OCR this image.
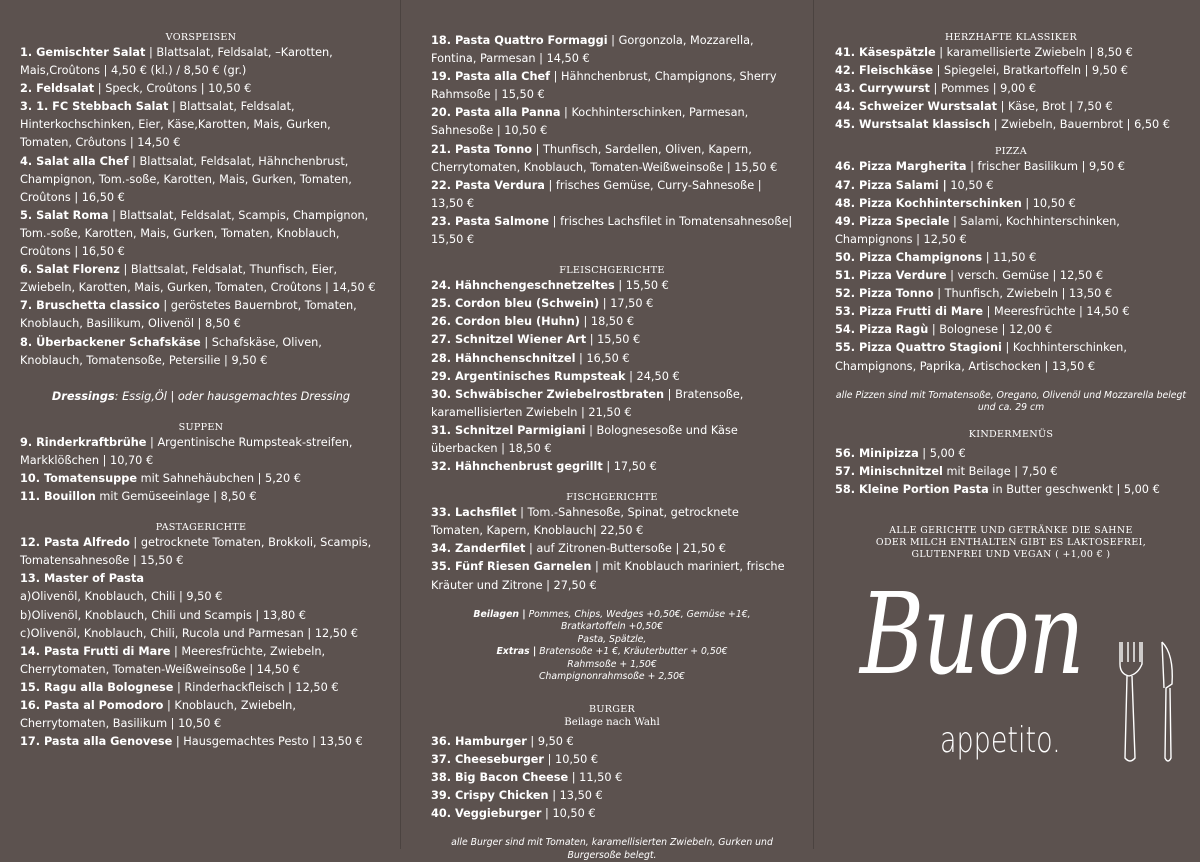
VORSPEISEN
1. Gemischter Salat | Blattsalat, Feldsalat, –Karotten, Mais,Croûtons | 4,50 € (kl.) / 8,50 € (gr.)
2. Feldsalat | Speck, Croûtons | 10,50 €
3. 1. FC Stebbach Salat | Blattsalat, Feldsalat, Hinterkochschinken, Eier, Käse,Karotten, Mais, Gurken, Tomaten, Crôutons | 14,50 €
4. Salat alla Chef | Blattsalat, Feldsalat, Hähnchenbrust, Champignon, Tom.-soße, Karotten, Mais, Gurken, Tomaten, Croûtons | 16,50 €
5. Salat Roma | Blattsalat, Feldsalat, Scampis, Champignon, Tom.-soße, Karotten, Mais, Gurken, Tomaten, Knoblauch, Croûtons | 16,50 €
6. Salat Florenz | Blattsalat, Feldsalat, Thunfisch, Eier, Zwiebeln, Karotten, Mais, Gurken, Tomaten, Croûtons | 14,50 €
7. Bruschetta classico | geröstetes Bauernbrot, Tomaten, Knoblauch, Basilikum, Olivenöl | 8,50 €
8. Überbackener Schafskäse | Schafskäse, Oliven, Knoblauch, Tomatensoße, Petersilie | 9,50 €
Dressings: Essig,Öl | oder hausgemachtes Dressing
SUPPEN
9. Rinderkraftbrühe | Argentinische Rumpsteak-streifen, Markklößchen | 10,70 €
10. Tomatensuppe mit Sahnehäubchen | 5,20 €
11. Bouillon mit Gemüseeinlage | 8,50 €
PASTAGERICHTE
12. Pasta Alfredo | getrocknete Tomaten, Brokkoli, Scampis, Tomatensahnesoße | 15,50 €
13. Master of Pasta
a)Olivenöl, Knoblauch, Chili | 9,50 €
b)Olivenöl, Knoblauch, Chili und Scampis | 13,80 €
c)Olivenöl, Knoblauch, Chili, Rucola und Parmesan | 12,50 €
14. Pasta Frutti di Mare | Meeresfrüchte, Zwiebeln, Cherrytomaten, Tomaten-Weißweinsoße | 14,50 €
15. Ragu alla Bolognese | Rinderhackfleisch | 12,50 €
16. Pasta al Pomodoro | Knoblauch, Zwiebeln, Cherrytomaten, Basilikum | 10,50 €
17. Pasta alla Genovese | Hausgemachtes Pesto | 13,50 €
18. Pasta Quattro Formaggi | Gorgonzola, Mozzarella, Fontina, Parmesan | 14,50 €
19. Pasta alla Chef | Hähnchenbrust, Champignons, Sherry Rahmsoße | 15,50 €
20. Pasta alla Panna | Kochhinterschinken, Parmesan, Sahnesoße | 10,50 €
21. Pasta Tonno | Thunfisch, Sardellen, Oliven, Kapern, Cherrytomaten, Knoblauch, Tomaten-Weißweinsoße | 15,50 €
22. Pasta Verdura | frisches Gemüse, Curry-Sahnesoße | 13,50 €
23. Pasta Salmone | frisches Lachsfilet in Tomatensahnesoße| 15,50 €
FLEISCHGERICHTE
24. Hähnchengeschnetzeltes | 15,50 €
25. Cordon bleu (Schwein) | 17,50 €
26. Cordon bleu (Huhn) | 18,50 €
27. Schnitzel Wiener Art | 15,50 €
28. Hähnchenschnitzel | 16,50 €
29. Argentinisches Rumpsteak | 24,50 €
30. Schwäbischer Zwiebelrostbraten | Bratensoße, karamellisierten Zwiebeln | 21,50 €
31. Schnitzel Parmigiani | Bolognesesoße und Käse überbacken | 18,50 €
32. Hähnchenbrust gegrillt | 17,50 €
FISCHGERICHTE
33. Lachsfilet | Tom.-Sahnesoße, Spinat, getrocknete Tomaten, Kapern, Knoblauch| 22,50 €
34. Zanderfilet | auf Zitronen-Buttersoße | 21,50 €
35. Fünf Riesen Garnelen | mit Knoblauch mariniert, frische Kräuter und Zitrone | 27,50 €
Beilagen | Pommes, Chips, Wedges +0,50€, Gemüse +1€, Bratkartoffeln +0,50€
Pasta, Spätzle,
Extras | Bratensoße +1 €, Kräuterbutter + 0,50€
Rahmsoße + 1,50€
Champignonrahmsoße + 2,50€
BURGER
Beilage nach Wahl
36. Hamburger | 9,50 €
37. Cheeseburger | 10,50 €
38. Big Bacon Cheese | 11,50 €
39. Crispy Chicken | 13,50 €
40. Veggieburger | 10,50 €
alle Burger sind mit Tomaten, karamellisierten Zwiebeln, Gurken und Burgersoße belegt.
HERZHAFTE KLASSIKER
41. Käsespätzle | karamellisierte Zwiebeln | 8,50 €
42. Fleischkäse | Spiegelei, Bratkartoffeln | 9,50 €
43. Currywurst | Pommes | 9,00 €
44. Schweizer Wurstsalat | Käse, Brot | 7,50 €
45. Wurstsalat klassisch | Zwiebeln, Bauernbrot | 6,50 €
PIZZA
46. Pizza Margherita | frischer Basilikum | 9,50 €
47. Pizza Salami | 10,50 €
48. Pizza Kochhinterschinken | 10,50 €
49. Pizza Speciale | Salami, Kochhinterschinken, Champignons | 12,50 €
50. Pizza Champignons | 11,50 €
51. Pizza Verdure | versch. Gemüse | 12,50 €
52. Pizza Tonno | Thunfisch, Zwiebeln | 13,50 €
53. Pizza Frutti di Mare | Meeresfrüchte | 14,50 €
54. Pizza Ragù | Bolognese | 12,00 €
55. Pizza Quattro Stagioni | Kochhinterschinken, Champignons, Paprika, Artischocken | 13,50 €
alle Pizzen sind mit Tomatensoße, Oregano, Olivenöl und Mozzarella belegt und ca. 29 cm
KINDERMENÜS
56. Minipizza | 5,00 €
57. Minischnitzel mit Beilage | 7,50 €
58. Kleine Portion Pasta in Butter geschwenkt | 5,00 €
ALLE GERICHTE UND GETRÄNKE DIE SAHNE ODER MILCH ENTHALTEN GIBT ES LAKTOSEFREI, GLUTENFREI UND VEGAN ( +1,00 € )
Buon
appetito.
